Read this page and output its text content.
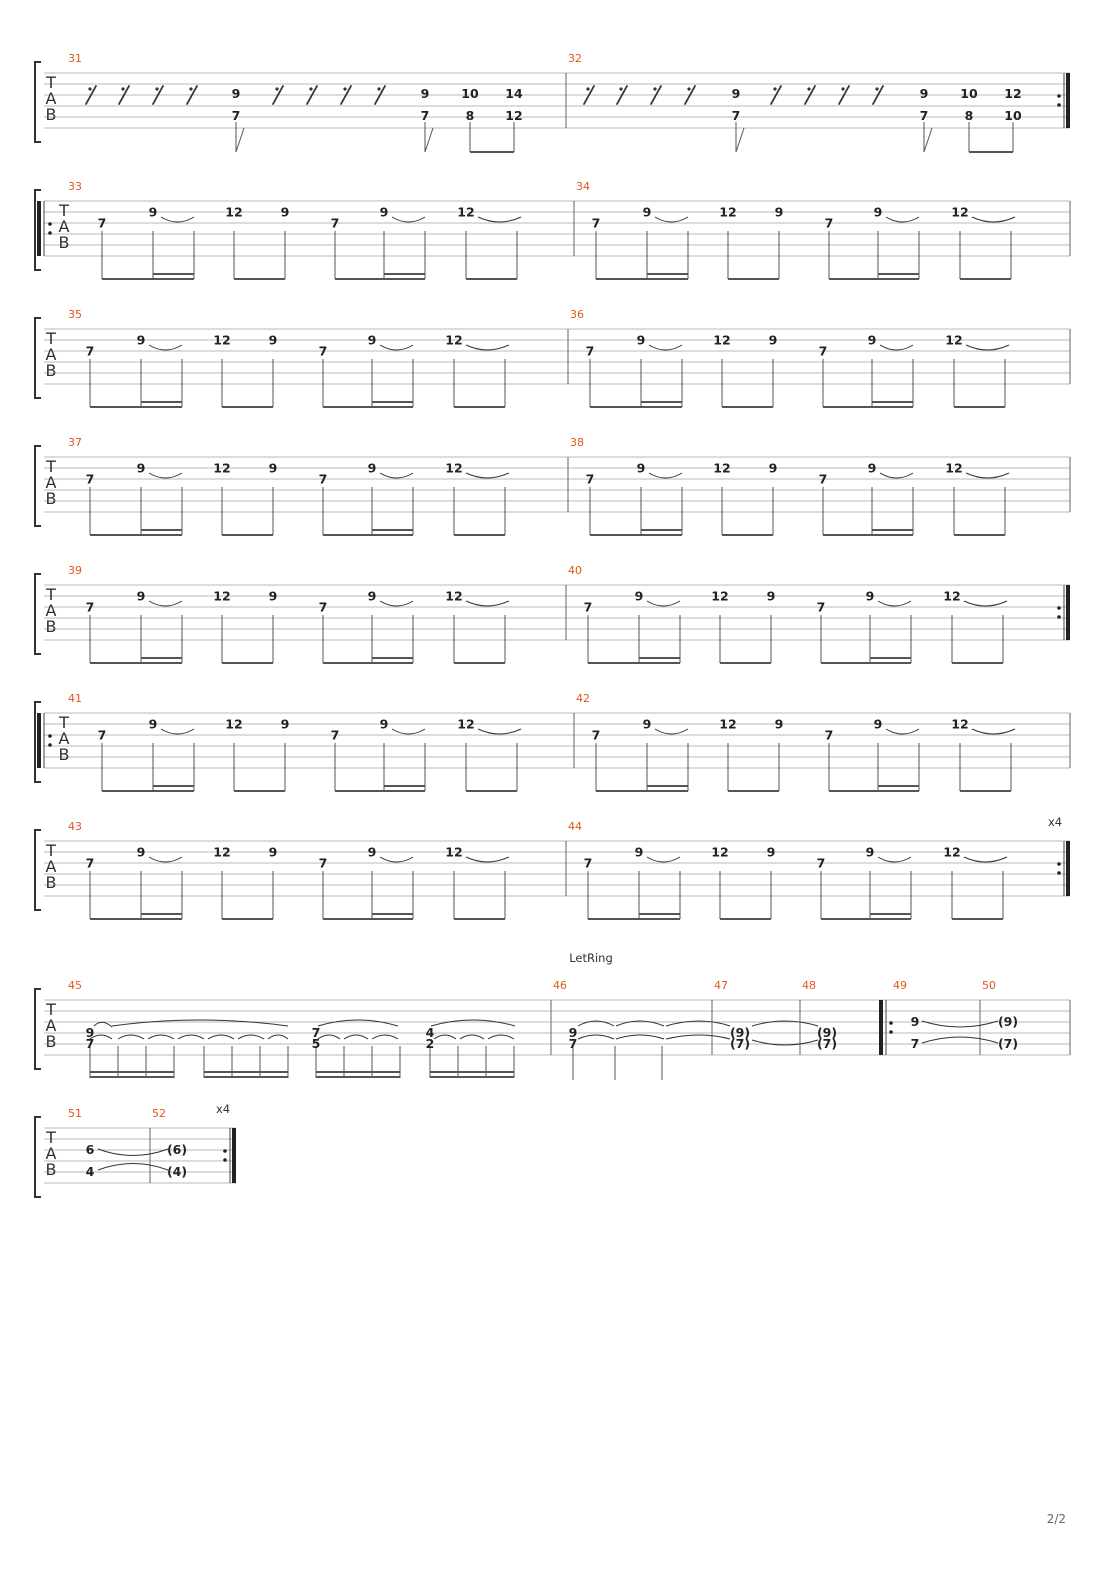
T
A
B
31	32
9
7
9
7
10
8
14
12
9
7
9
7
10
8
12
10
T
A
B
33
7
9	12	9
7
9	12
34
7
9	12	9
7
9	12
T
A
B
35
7
9	12	9
7
9	12
36
7
9	12	9
7
9	12
T
A
B
37
7
9	12	9
7
9	12
38
7
9	12	9
7
9	12
T
A
B
39
7
9	12	9
7
9	12
40
7
9	12	9
7
9	12
T
A
B
41
7
9	12	9
7
9	12
42
7
9	12	9
7
9	12
T
A
B
43
7
9	12	9
7
9	12
44
7
9	12	9
7
9	12
x4
LetRing
T
A
B
45	46	47	48	49	50
9
7
7
5
4
2
9
7
(9)
(7)
(9)
(7)
9
7
(9)
(7)
T
A
B
x4
51	52
6
4
(6)
(4)
2/2
